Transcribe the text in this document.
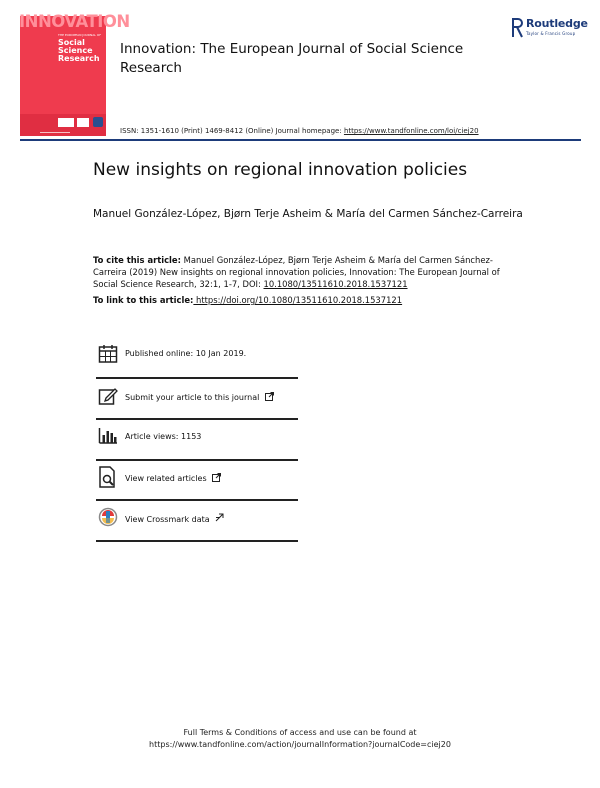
INNOVATION
THE EUROPEAN JOURNAL OF
Social
Science
Research
Routledge
Taylor & Francis Group
Innovation: The European Journal of Social Science Research
ISSN: 1351-1610 (Print) 1469-8412 (Online) Journal homepage: https://www.tandfonline.com/loi/ciej20
New insights on regional innovation policies
Manuel González-López, Bjørn Terje Asheim & María del Carmen Sánchez-Carreira
To cite this article: Manuel González-López, Bjørn Terje Asheim & María del Carmen Sánchez-Carreira (2019) New insights on regional innovation policies, Innovation: The European Journal of Social Science Research, 32:1, 1-7, DOI: 10.1080/13511610.2018.1537121
To link to this article: https://doi.org/10.1080/13511610.2018.1537121
Published online: 10 Jan 2019.
Submit your article to this journal
Article views: 1153
View related articles
View Crossmark data
Full Terms & Conditions of access and use can be found at
https://www.tandfonline.com/action/journalInformation?journalCode=ciej20
